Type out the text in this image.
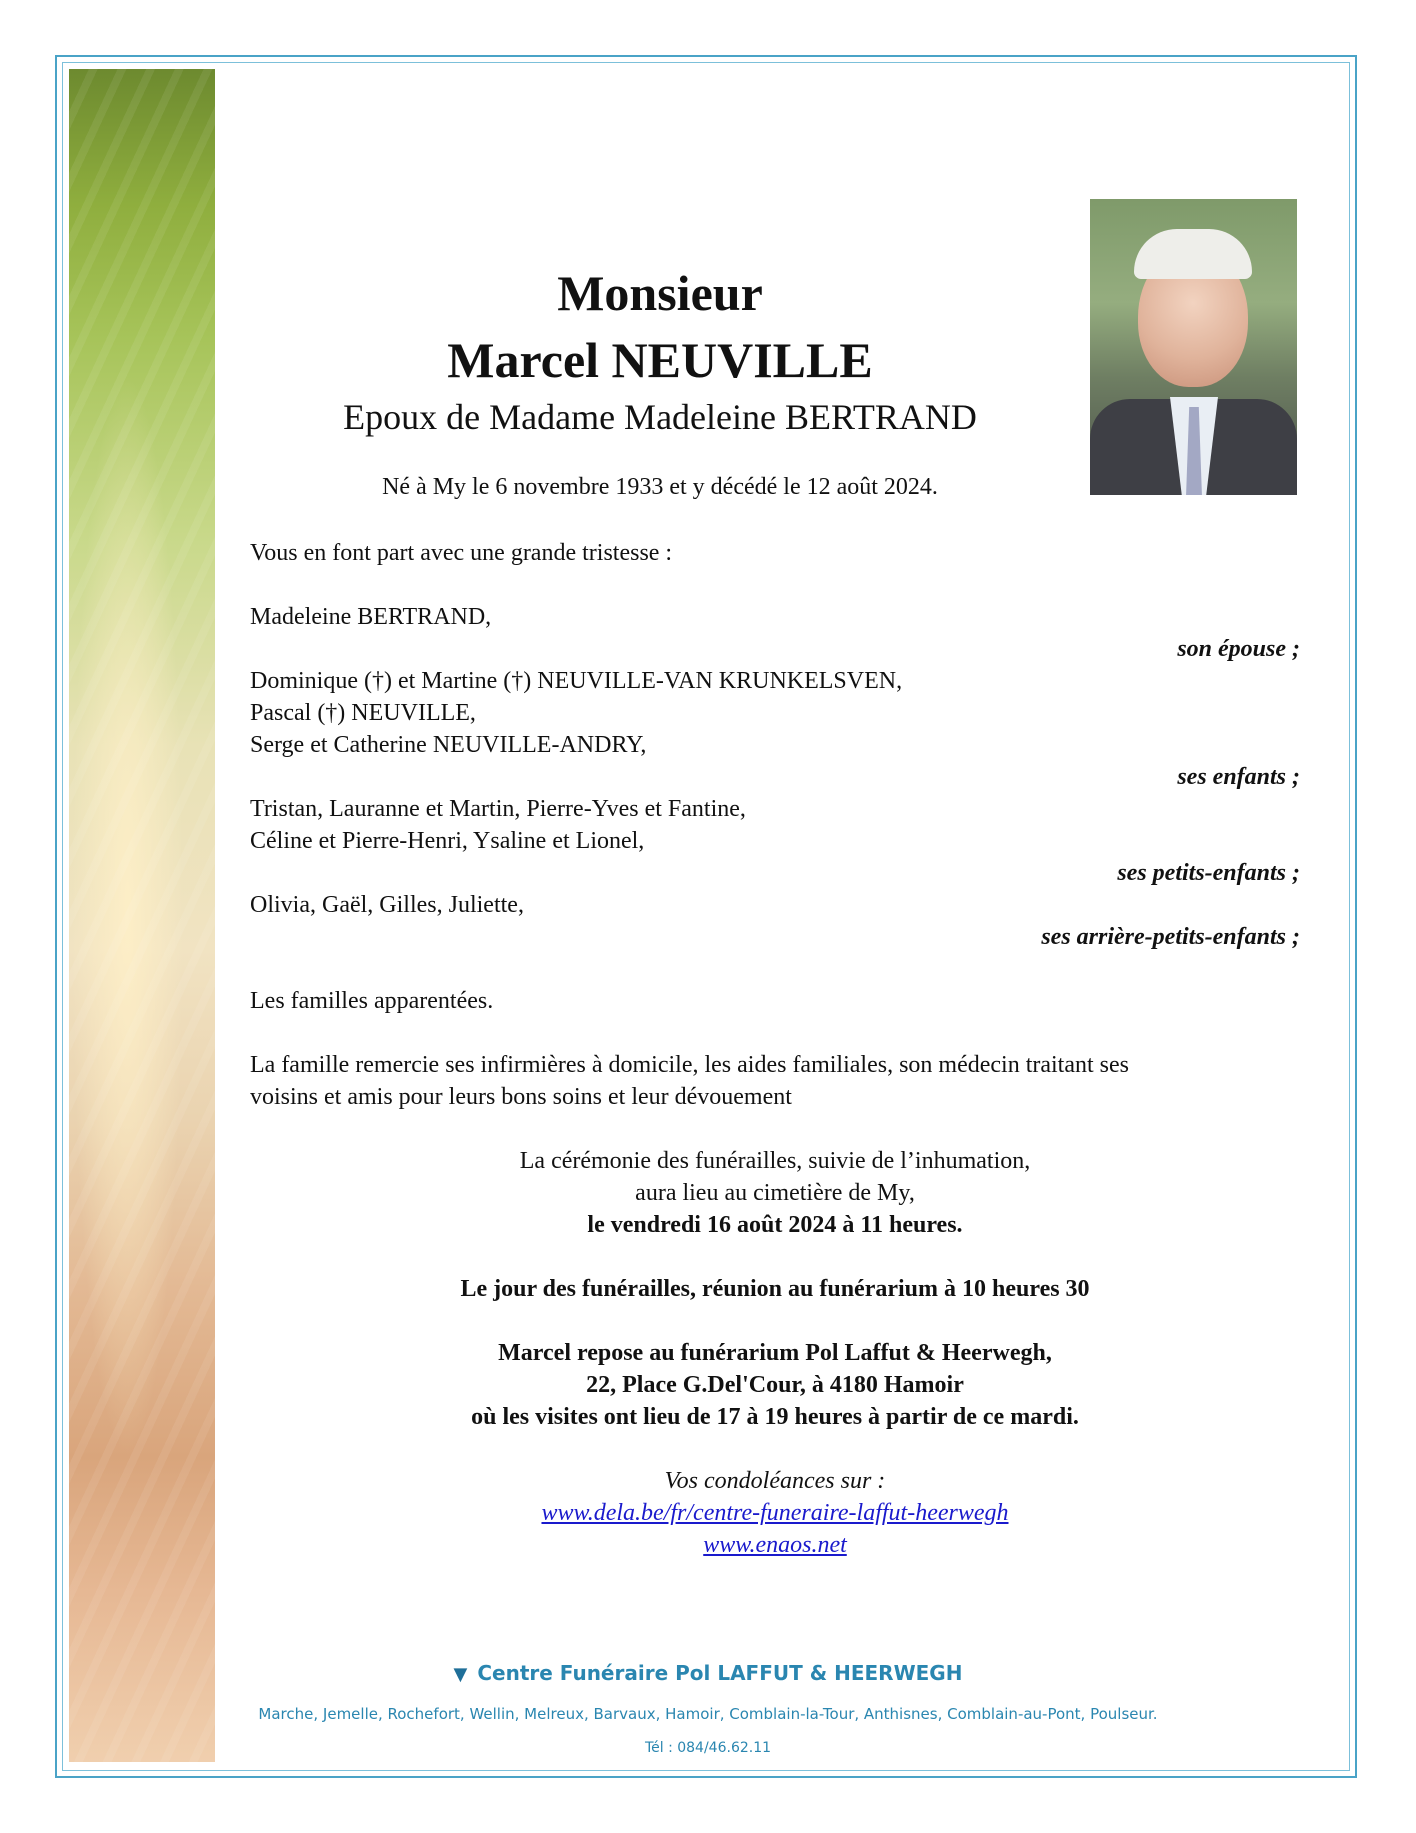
Monsieur
Marcel NEUVILLE
Epoux de Madame Madeleine BERTRAND
Né à My le 6 novembre 1933 et y décédé le 12 août 2024.
Vous en font part avec une grande tristesse :
Madeleine BERTRAND,
son épouse ;
Dominique (†) et Martine (†) NEUVILLE-VAN KRUNKELSVEN,
Pascal (†) NEUVILLE,
Serge et Catherine NEUVILLE-ANDRY,
ses enfants ;
Tristan, Lauranne et Martin, Pierre-Yves et Fantine,
Céline et Pierre-Henri, Ysaline et Lionel,
ses petits-enfants ;
Olivia, Gaël, Gilles, Juliette,
ses arrière-petits-enfants ;
Les familles apparentées.
La famille remercie ses infirmières à domicile, les aides familiales, son médecin traitant ses
voisins et amis pour leurs bons soins et leur dévouement
La cérémonie des funérailles, suivie de l’inhumation,
aura lieu au cimetière de My,
le vendredi 16 août 2024 à 11 heures.
Le jour des funérailles, réunion au funérarium à 10 heures 30
Marcel repose au funérarium Pol Laffut & Heerwegh,
22, Place G.Del'Cour, à 4180 Hamoir
où les visites ont lieu de 17 à 19 heures à partir de ce mardi.
Vos condoléances sur :
www.dela.be/fr/centre-funeraire-laffut-heerwegh
www.enaos.net
▼ Centre Funéraire Pol LAFFUT & HEERWEGH
Marche, Jemelle, Rochefort, Wellin, Melreux, Barvaux, Hamoir, Comblain-la-Tour, Anthisnes, Comblain-au-Pont, Poulseur.
Tél : 084/46.62.11
